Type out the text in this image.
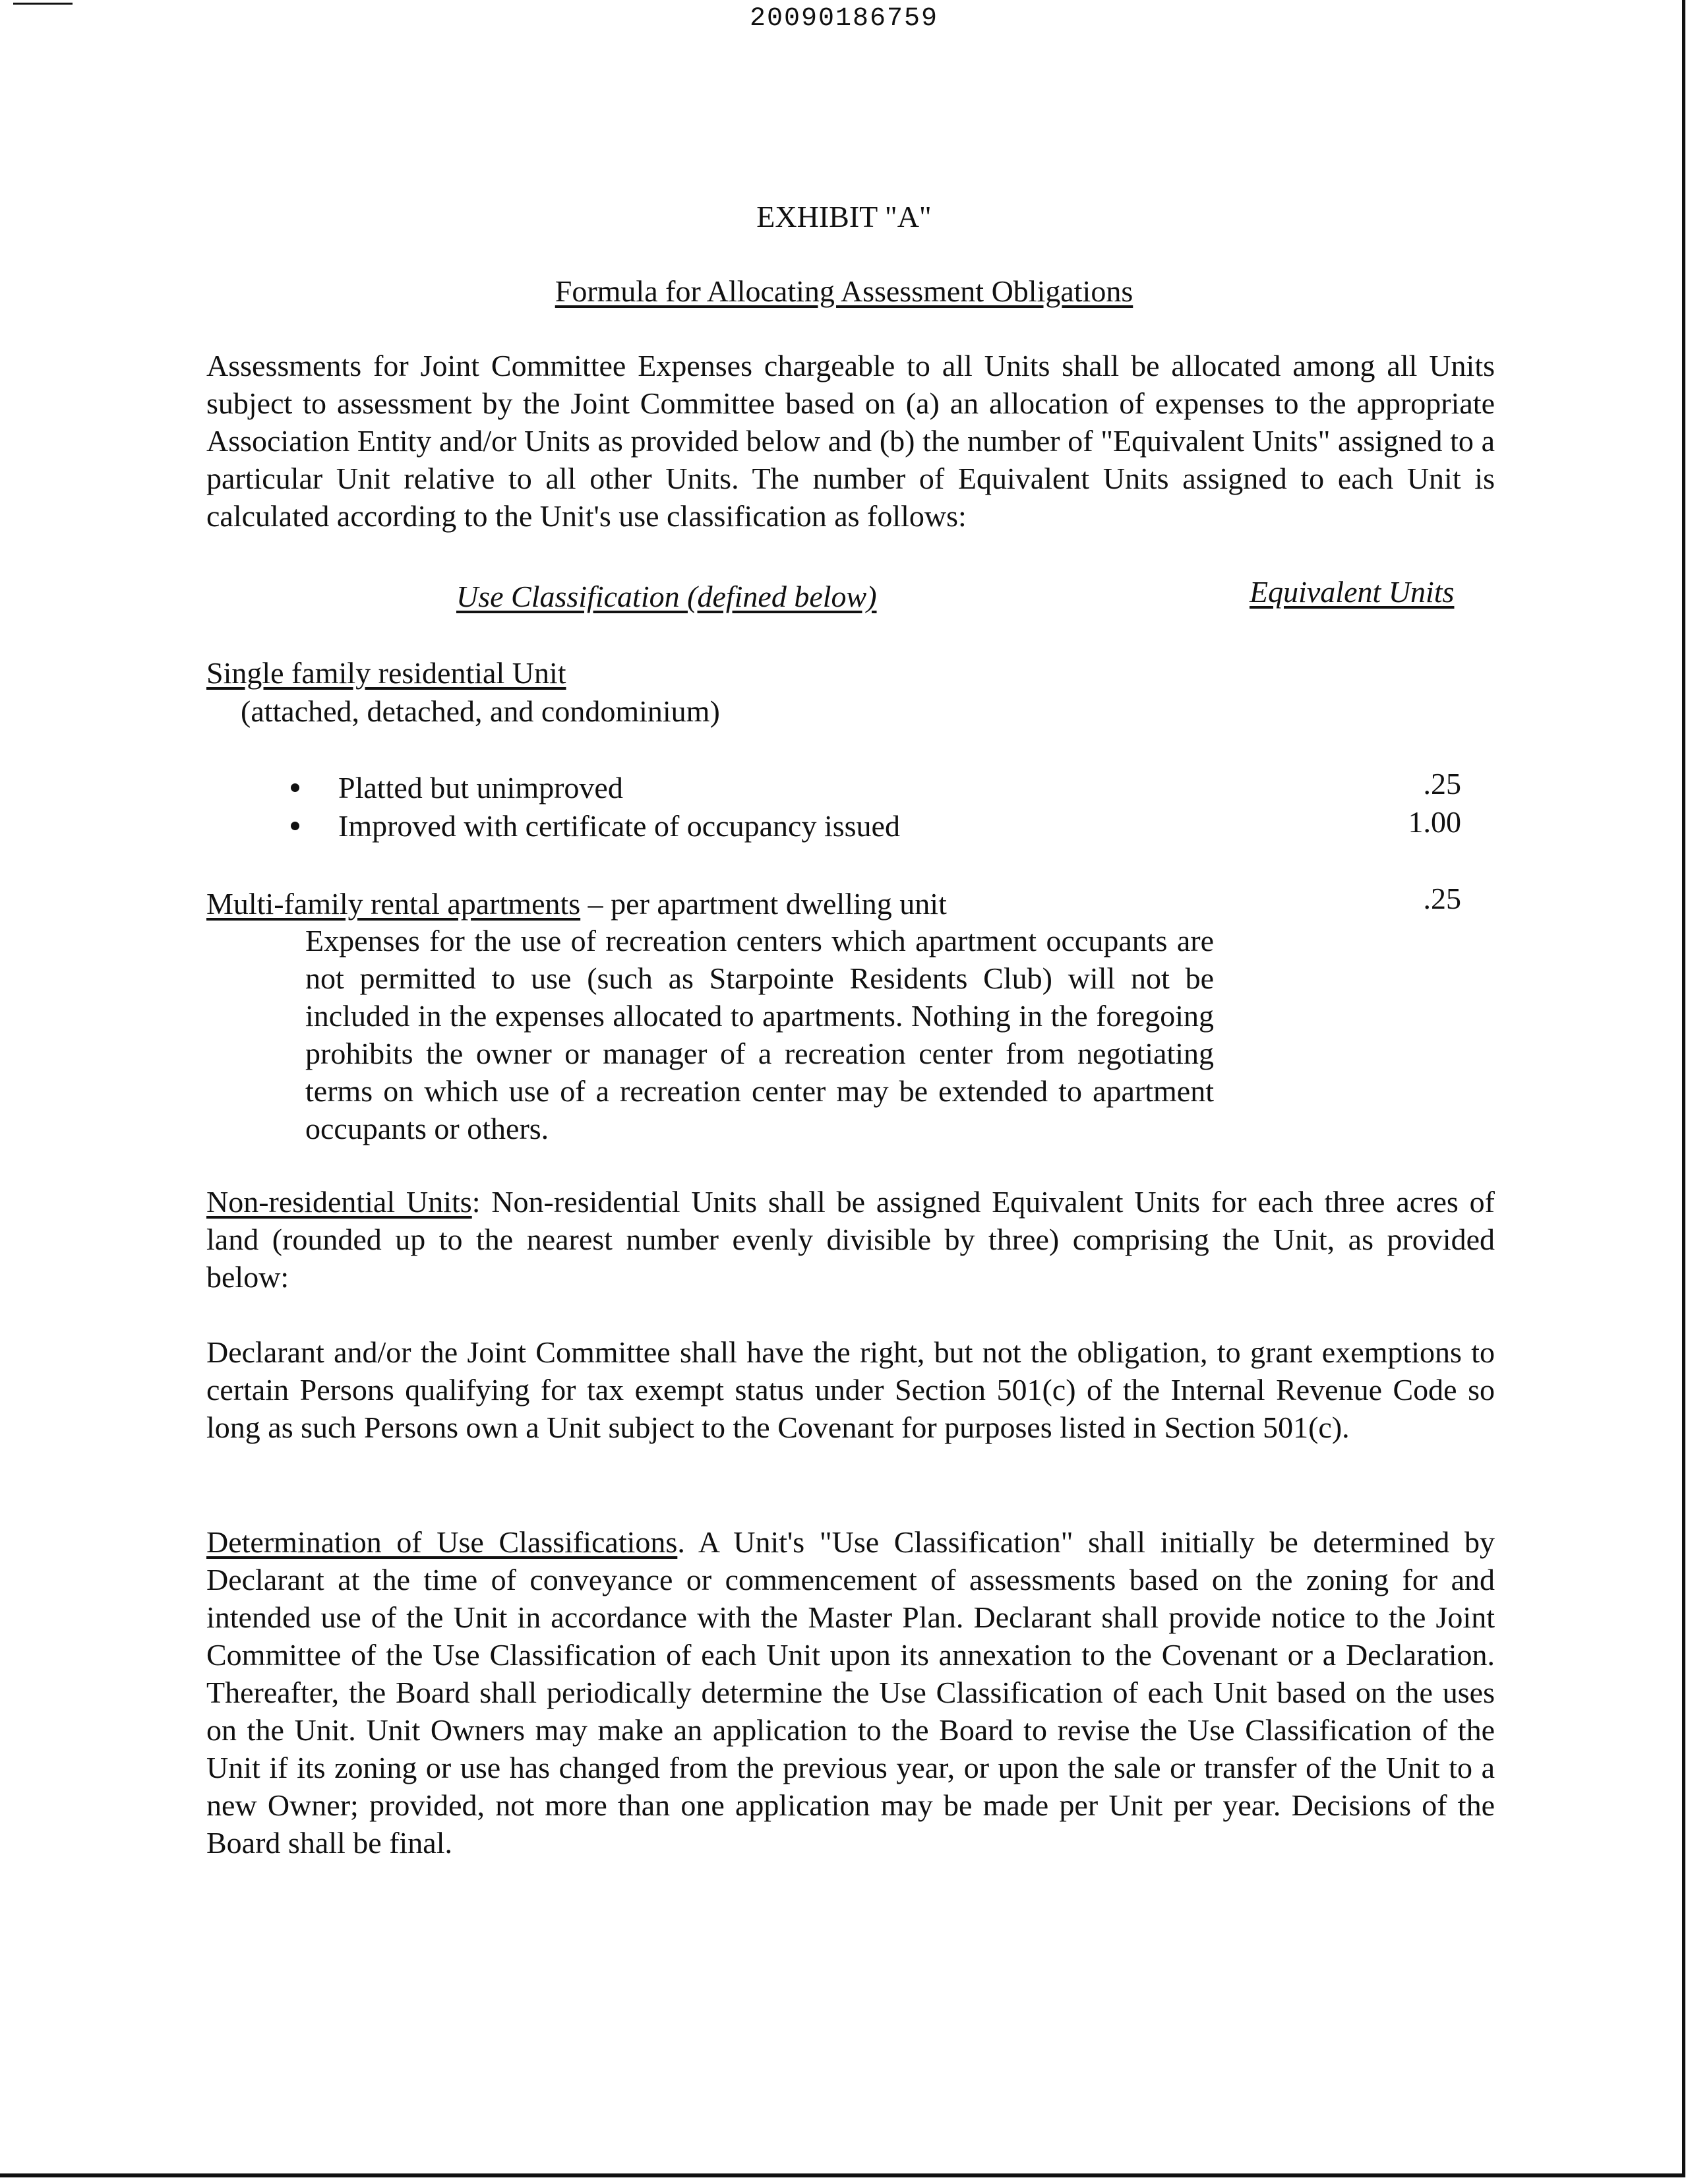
20090186759
EXHIBIT "A"
Formula for Allocating Assessment Obligations
Assessments for Joint Committee Expenses chargeable to all Units shall be allocated among all Units subject to assessment by the Joint Committee based on (a) an allocation of expenses to the appropriate Association Entity and/or Units as provided below and (b) the number of "Equivalent Units" assigned to a particular Unit relative to all other Units. The number of Equivalent Units assigned to each Unit is calculated according to the Unit's use classification as follows:
Use Classification (defined below)	Equivalent Units
Single family residential Unit
(attached, detached, and condominium)
Platted but unimproved	.25
Improved with certificate of occupancy issued	1.00
Multi-family rental apartments – per apartment dwelling unit	.25
Expenses for the use of recreation centers which apartment occupants are not permitted to use (such as Starpointe Residents Club) will not be included in the expenses allocated to apartments. Nothing in the foregoing prohibits the owner or manager of a recreation center from negotiating terms on which use of a recreation center may be extended to apartment occupants or others.
Non-residential Units: Non-residential Units shall be assigned Equivalent Units for each three acres of land (rounded up to the nearest number evenly divisible by three) comprising the Unit, as provided below:
Declarant and/or the Joint Committee shall have the right, but not the obligation, to grant exemptions to certain Persons qualifying for tax exempt status under Section 501(c) of the Internal Revenue Code so long as such Persons own a Unit subject to the Covenant for purposes listed in Section 501(c).
Determination of Use Classifications. A Unit's "Use Classification" shall initially be determined by Declarant at the time of conveyance or commencement of assessments based on the zoning for and intended use of the Unit in accordance with the Master Plan. Declarant shall provide notice to the Joint Committee of the Use Classification of each Unit upon its annexation to the Covenant or a Declaration. Thereafter, the Board shall periodically determine the Use Classification of each Unit based on the uses on the Unit. Unit Owners may make an application to the Board to revise the Use Classification of the Unit if its zoning or use has changed from the previous year, or upon the sale or transfer of the Unit to a new Owner; provided, not more than one application may be made per Unit per year. Decisions of the Board shall be final.
